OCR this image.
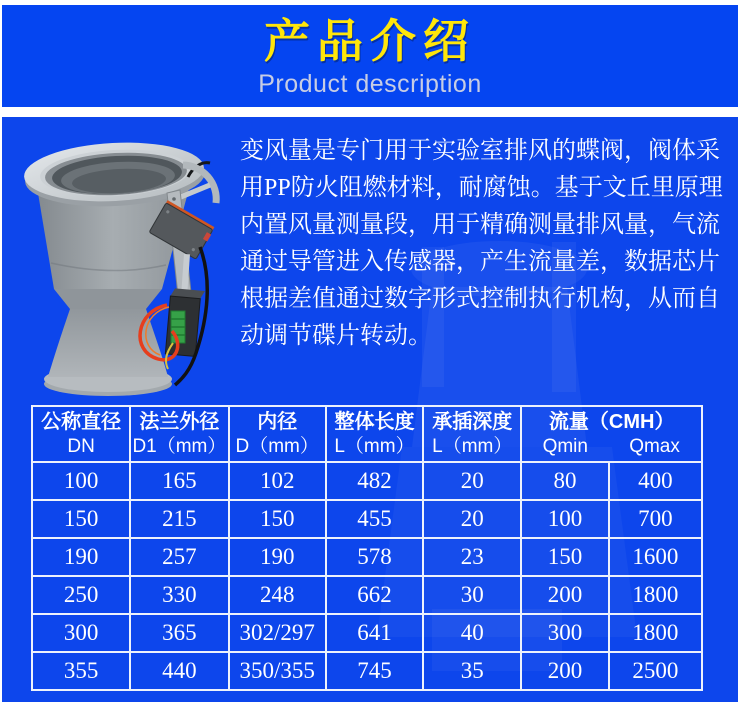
产品介绍
Product description

变风量是专门用于实验室排风的蝶阀，阀体采用PP防火阻燃材料，耐腐蚀。基于文丘里原理内置风量测量段，用于精确测量排风量，气流通过导管进入传感器，产生流量差，数据芯片根据差值通过数字形式控制执行机构，从而自动调节碟片转动。

公称直径
DN

法兰外径
D1（mm）

内径
D（mm）

整体长度
L（mm）

承插深度
L（mm）

流量（CMH）
Qmin	Qmax

100	165	102	482	20	80	400
150	215	150	455	20	100	700
190	257	190	578	23	150	1600
250	330	248	662	30	200	1800
300	365	302/297	641	40	300	1800
355	440	350/355	745	35	200	2500
